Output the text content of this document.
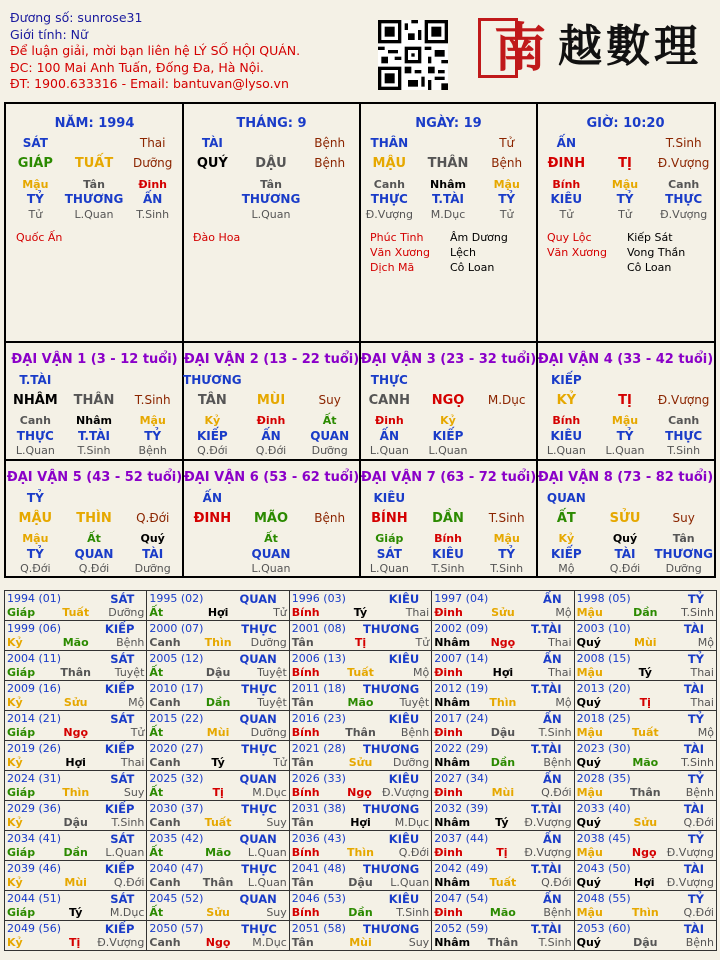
Đương số: sunrose31
Giới tính: Nữ
Để luận giải, mời bạn liên hệ LÝ SỐ HỘI QUÁN.
ĐC: 100 Mai Anh Tuấn, Đống Đa, Hà Nội.
ĐT: 1900.633316 - Email: bantuvan@lyso.vn
南 越數理
NĂM: 1994
SÁT	Thai
GIÁP	TUẤT	Dưỡng
Mậu	Tân	Đinh
TỶ	THƯƠNG	ẤN
Tử	L.Quan	T.Sinh
Quốc Ấn
THÁNG: 9
TÀI	Bệnh
QUÝ	DẬU	Bệnh
Tân
THƯƠNG
L.Quan
Đào Hoa
NGÀY: 19
THÂN	Tử
MẬU	THÂN	Bệnh
Canh	Nhâm	Mậu
THỰC	T.TÀI	TỶ
Đ.Vượng	M.Dục	Tử
Phúc Tinh
Văn Xương
Dịch Mã
Âm Dương Lệch
Cô Loan
GIỜ: 10:20
ẤN	T.Sinh
ĐINH	TỊ	Đ.Vượng
Bính	Mậu	Canh
KIÊU	TỶ	THỰC
Tử	Tử	Đ.Vượng
Quy Lộc
Văn Xương
Kiếp Sát
Vong Thần
Cô Loan
ĐẠI VẬN 1 (3 - 12 tuổi)
T.TÀI
NHÂM	THÂN	T.Sinh
Canh	Nhâm	Mậu
THỰC	T.TÀI	TỶ
L.Quan	T.Sinh	Bệnh
ĐẠI VẬN 2 (13 - 22 tuổi)
THƯƠNG
TÂN	MÙI	Suy
Kỷ	Đinh	Ất
KIẾP	ẤN	QUAN
Q.Đới	Q.Đới	Dưỡng
ĐẠI VẬN 3 (23 - 32 tuổi)
THỰC
CANH	NGỌ	M.Dục
Đinh	Kỷ
ẤN	KIẾP
L.Quan	L.Quan
ĐẠI VẬN 4 (33 - 42 tuổi)
KIẾP
KỶ	TỊ	Đ.Vượng
Bính	Mậu	Canh
KIÊU	TỶ	THỰC
L.Quan	L.Quan	T.Sinh
ĐẠI VẬN 5 (43 - 52 tuổi)
TỶ
MẬU	THÌN	Q.Đới
Mậu	Ất	Quý
TỶ	QUAN	TÀI
Q.Đới	Q.Đới	Dưỡng
ĐẠI VẬN 6 (53 - 62 tuổi)
ẤN
ĐINH	MÃO	Bệnh
Ất
QUAN
L.Quan
ĐẠI VẬN 7 (63 - 72 tuổi)
KIÊU
BÍNH	DẦN	T.Sinh
Giáp	Bính	Mậu
SÁT	KIÊU	TỶ
L.Quan	T.Sinh	T.Sinh
ĐẠI VẬN 8 (73 - 82 tuổi)
QUAN
ẤT	SỬU	Suy
Kỷ	Quý	Tân
KIẾP	TÀI	THƯƠNG
Mộ	Q.Đới	Dưỡng
1994 (01)	SÁT
Giáp	Tuất	Dưỡng
1995 (02)	QUAN
Ất	Hợi	Tử
1996 (03)	KIÊU
Bính	Tý	Thai
1997 (04)	ẤN
Đinh	Sửu	Mộ
1998 (05)	TỶ
Mậu	Dần	T.Sinh
1999 (06)	KIẾP
Kỷ	Mão	Bệnh
2000 (07)	THỰC
Canh	Thìn	Dưỡng
2001 (08) THƯƠNG
Tân	Tị	Tử
2002 (09)	T.TÀI
Nhâm	Ngọ	Thai
2003 (10)	TÀI
Quý	Mùi	Mộ
2004 (11)	SÁT
Giáp	Thân	Tuyệt
2005 (12)	QUAN
Ất	Dậu	Tuyệt
2006 (13)	KIÊU
Bính	Tuất	Mộ
2007 (14)	ẤN
Đinh	Hợi	Thai
2008 (15)	TỶ
Mậu	Tý	Thai
2009 (16)	KIẾP
Kỷ	Sửu	Mộ
2010 (17)	THỰC
Canh	Dần	Tuyệt
2011 (18) THƯƠNG
Tân	Mão	Tuyệt
2012 (19)	T.TÀI
Nhâm	Thìn	Mộ
2013 (20)	TÀI
Quý	Tị	Thai
2014 (21)	SÁT
Giáp	Ngọ	Tử
2015 (22)	QUAN
Ất	Mùi	Dưỡng
2016 (23)	KIÊU
Bính	Thân	Bệnh
2017 (24)	ẤN
Đinh	Dậu	T.Sinh
2018 (25)	TỶ
Mậu	Tuất	Mộ
2019 (26)	KIẾP
Kỷ	Hợi	Thai
2020 (27)	THỰC
Canh	Tý	Tử
2021 (28) THƯƠNG
Tân	Sửu	Dưỡng
2022 (29)	T.TÀI
Nhâm	Dần	Bệnh
2023 (30)	TÀI
Quý	Mão	T.Sinh
2024 (31)	SÁT
Giáp	Thìn	Suy
2025 (32)	QUAN
Ất	Tị	M.Dục
2026 (33)	KIÊU
Bính	Ngọ Đ.Vượng
2027 (34)	ẤN
Đinh	Mùi	Q.Đới
2028 (35)	TỶ
Mậu	Thân	Bệnh
2029 (36)	KIẾP
Kỷ	Dậu	T.Sinh
2030 (37)	THỰC
Canh	Tuất	Suy
2031 (38) THƯƠNG
Tân	Hợi	M.Dục
2032 (39)	T.TÀI
Nhâm	Tý	Đ.Vượng
2033 (40)	TÀI
Quý	Sửu	Q.Đới
2034 (41)	SÁT
Giáp	Dần	L.Quan
2035 (42)	QUAN
Ất	Mão	L.Quan
2036 (43)	KIÊU
Bính	Thìn	Q.Đới
2037 (44)	ẤN
Đinh	Tị	Đ.Vượng
2038 (45)	TỶ
Mậu	Ngọ Đ.Vượng
2039 (46)	KIẾP
Kỷ	Mùi	Q.Đới
2040 (47)	THỰC
Canh	Thân	L.Quan
2041 (48) THƯƠNG
Tân	Dậu	L.Quan
2042 (49)	T.TÀI
Nhâm	Tuất	Q.Đới
2043 (50)	TÀI
Quý	Hợi	Đ.Vượng
2044 (51)	SÁT
Giáp	Tý	M.Dục
2045 (52)	QUAN
Ất	Sửu	Suy
2046 (53)	KIÊU
Bính	Dần	T.Sinh
2047 (54)	ẤN
Đinh	Mão	Bệnh
2048 (55)	TỶ
Mậu	Thìn	Q.Đới
2049 (56)	KIẾP
Kỷ	Tị	Đ.Vượng
2050 (57)	THỰC
Canh	Ngọ	M.Dục
2051 (58) THƯƠNG
Tân	Mùi	Suy
2052 (59)	T.TÀI
Nhâm	Thân	T.Sinh
2053 (60)	TÀI
Quý	Dậu	Bệnh
